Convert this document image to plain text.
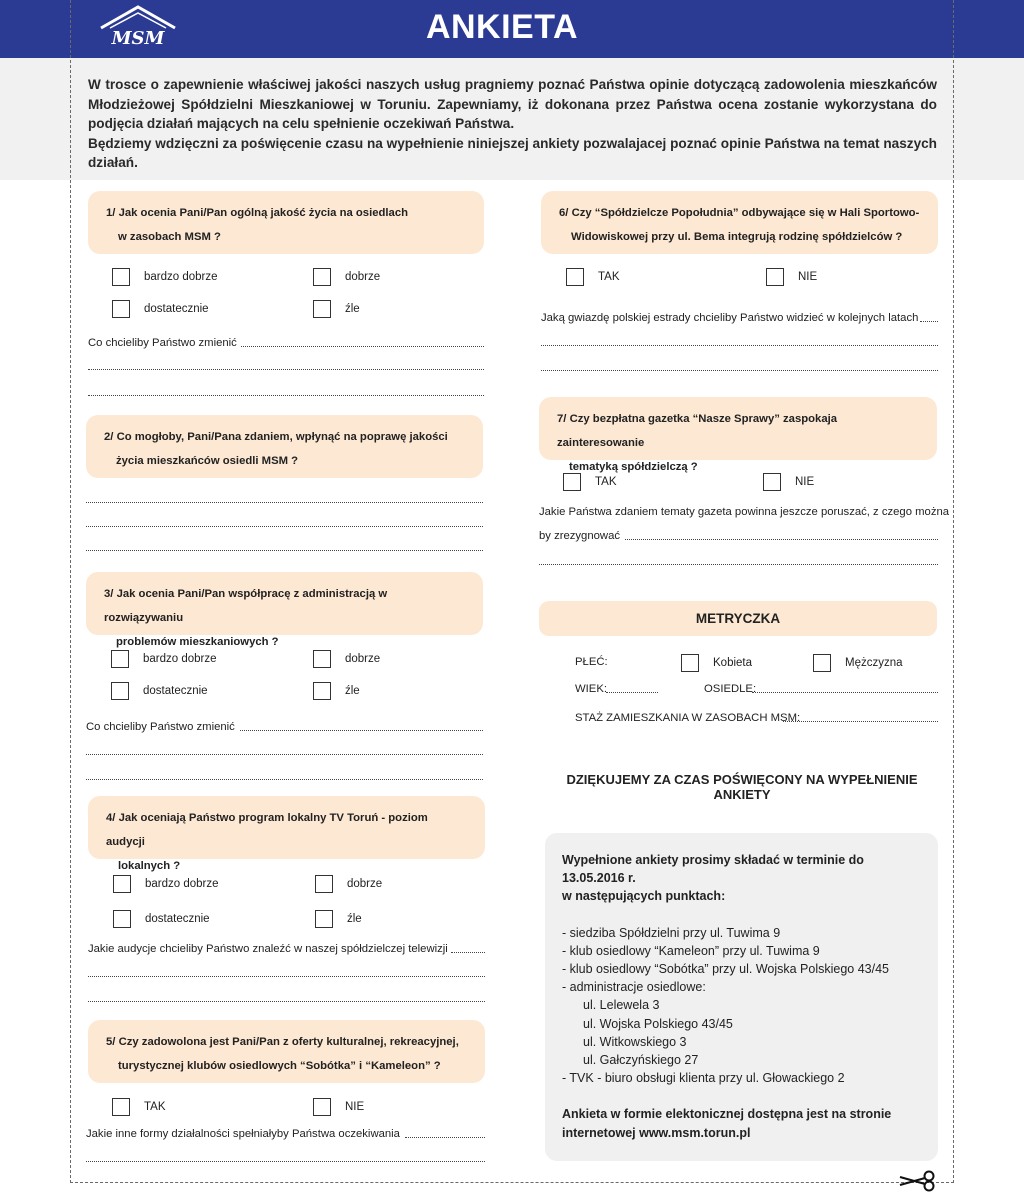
MSM	ANKIETA

W trosce o zapewnienie właściwej jakości naszych usług pragniemy poznać Państwa opinie dotyczącą zadowolenia mieszkańców Młodzieżowej Spółdzielni Mieszkaniowej w Toruniu. Zapewniamy, iż dokonana przez Państwa ocena zostanie wykorzystana do podjęcia działań mających na celu spełnienie oczekiwań Państwa.

Będziemy wdzięczni za poświęcenie czasu na wypełnienie niniejszej ankiety pozwalajacej poznać opinie Państwa na temat naszych działań.

1/ Jak ocenia Pani/Pan ogólną jakość życia na osiedlach
w zasobach MSM ?
bardzo dobrze	dobrze
dostatecznie	źle
Co chcieliby Państwo zmienić
2/ Co mogłoby, Pani/Pana zdaniem, wpłynąć na poprawę jakości
życia mieszkańców osiedli MSM ?
3/ Jak ocenia Pani/Pan współpracę z administracją w rozwiązywaniu
problemów mieszkaniowych ?
bardzo dobrze	dobrze
dostatecznie	źle
Co chcieliby Państwo zmienić
4/ Jak oceniają Państwo program lokalny TV Toruń - poziom audycji
lokalnych ?
bardzo dobrze	dobrze
dostatecznie	źle
Jakie audycje chcieliby Państwo znaleźć w naszej spółdzielczej telewizji
5/ Czy zadowolona jest Pani/Pan z oferty kulturalnej, rekreacyjnej,
turystycznej klubów osiedlowych “Sobótka” i “Kameleon” ?
TAK	NIE
Jakie inne formy działalności spełniałyby Państwa oczekiwania
6/ Czy “Spółdzielcze Popołudnia” odbywające się w Hali Sportowo-
Widowiskowej przy ul. Bema integrują rodzinę spółdzielców ?
TAK	NIE
Jaką gwiazdę polskiej estrady chcieliby Państwo widzieć w kolejnych latach
7/ Czy bezpłatna gazetka “Nasze Sprawy” zaspokaja zainteresowanie
tematyką spółdzielczą ?
TAK	NIE
Jakie Państwa zdaniem tematy gazeta powinna jeszcze poruszać, z czego można
by zrezygnować
METRYCZKA
PŁEĆ:	Kobieta	Mężczyzna
WIEK:	OSIEDLE:
STAŻ ZAMIESZKANIA W ZASOBACH MSM:
DZIĘKUJEMY ZA CZAS POŚWIĘCONY NA WYPEŁNIENIE ANKIETY
Wypełnione ankiety prosimy składać w terminie do 13.05.2016 r.
w następujących punktach:
- siedziba Spółdzielni przy ul. Tuwima 9
- klub osiedlowy “Kameleon” przy ul. Tuwima 9
- klub osiedlowy “Sobótka” przy ul. Wojska Polskiego 43/45
- administracje osiedlowe:
ul. Lelewela 3
ul. Wojska Polskiego 43/45
ul. Witkowskiego 3
ul. Gałczyńskiego 27
- TVK - biuro obsługi klienta przy ul. Głowackiego 2
Ankieta w formie elektonicznej dostępna jest na stronie
internetowej www.msm.torun.pl
